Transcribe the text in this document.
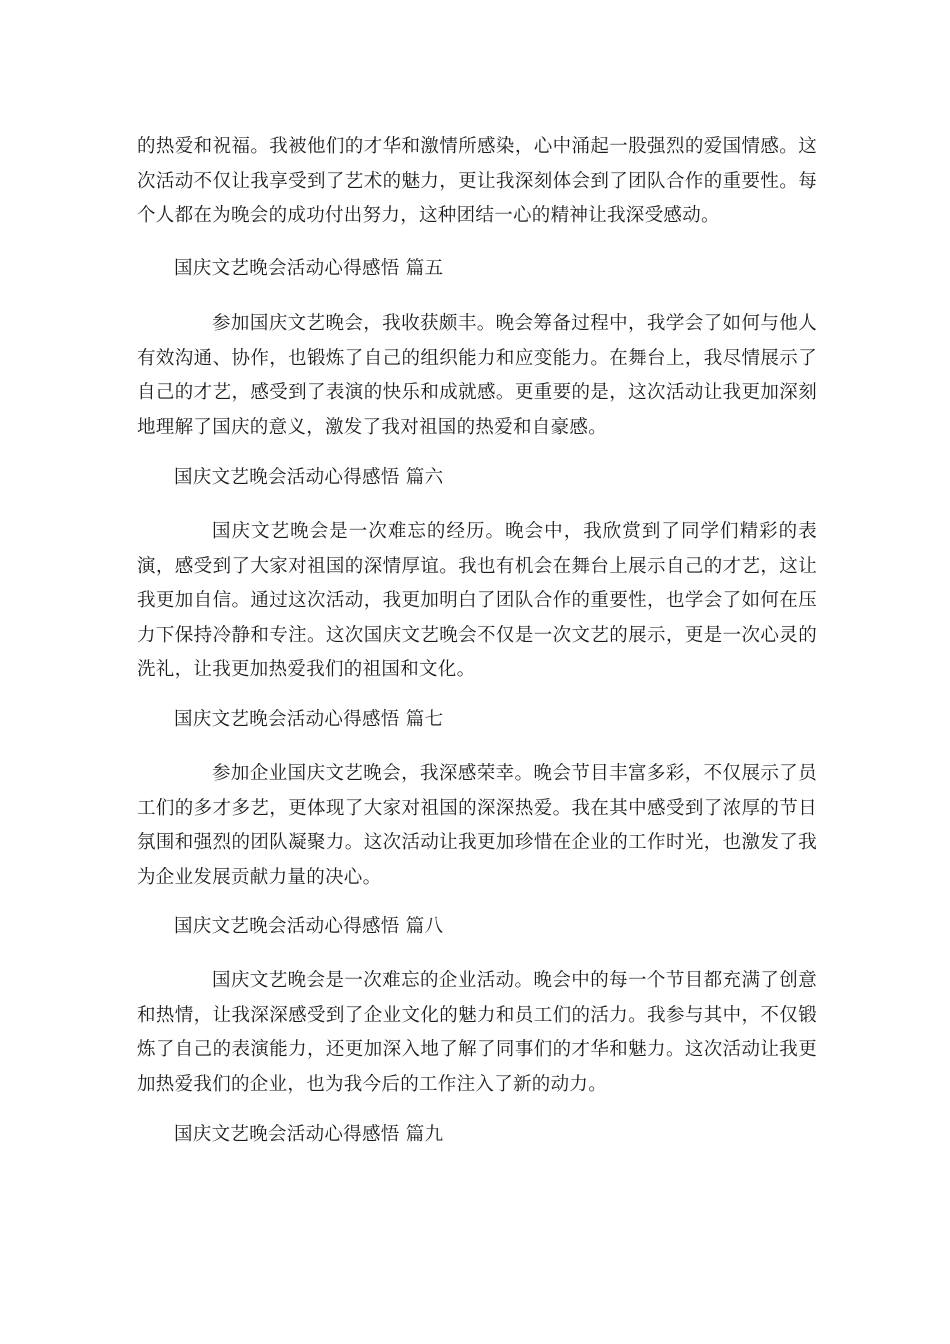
的热爱和祝福。我被他们的才华和激情所感染，心中涌起一股强烈的爱国情感。这次活动不仅让我享受到了艺术的魅力，更让我深刻体会到了团队合作的重要性。每个人都在为晚会的成功付出努力，这种团结一心的精神让我深受感动。

国庆文艺晚会活动心得感悟 篇五

参加国庆文艺晚会，我收获颇丰。晚会筹备过程中，我学会了如何与他人有效沟通、协作，也锻炼了自己的组织能力和应变能力。在舞台上，我尽情展示了自己的才艺，感受到了表演的快乐和成就感。更重要的是，这次活动让我更加深刻地理解了国庆的意义，激发了我对祖国的热爱和自豪感。

国庆文艺晚会活动心得感悟 篇六

国庆文艺晚会是一次难忘的经历。晚会中，我欣赏到了同学们精彩的表演，感受到了大家对祖国的深情厚谊。我也有机会在舞台上展示自己的才艺，这让我更加自信。通过这次活动，我更加明白了团队合作的重要性，也学会了如何在压力下保持冷静和专注。这次国庆文艺晚会不仅是一次文艺的展示，更是一次心灵的洗礼，让我更加热爱我们的祖国和文化。

国庆文艺晚会活动心得感悟 篇七

参加企业国庆文艺晚会，我深感荣幸。晚会节目丰富多彩，不仅展示了员工们的多才多艺，更体现了大家对祖国的深深热爱。我在其中感受到了浓厚的节日氛围和强烈的团队凝聚力。这次活动让我更加珍惜在企业的工作时光，也激发了我为企业发展贡献力量的决心。

国庆文艺晚会活动心得感悟 篇八

国庆文艺晚会是一次难忘的企业活动。晚会中的每一个节目都充满了创意和热情，让我深深感受到了企业文化的魅力和员工们的活力。我参与其中，不仅锻炼了自己的表演能力，还更加深入地了解了同事们的才华和魅力。这次活动让我更加热爱我们的企业，也为我今后的工作注入了新的动力。

国庆文艺晚会活动心得感悟 篇九
